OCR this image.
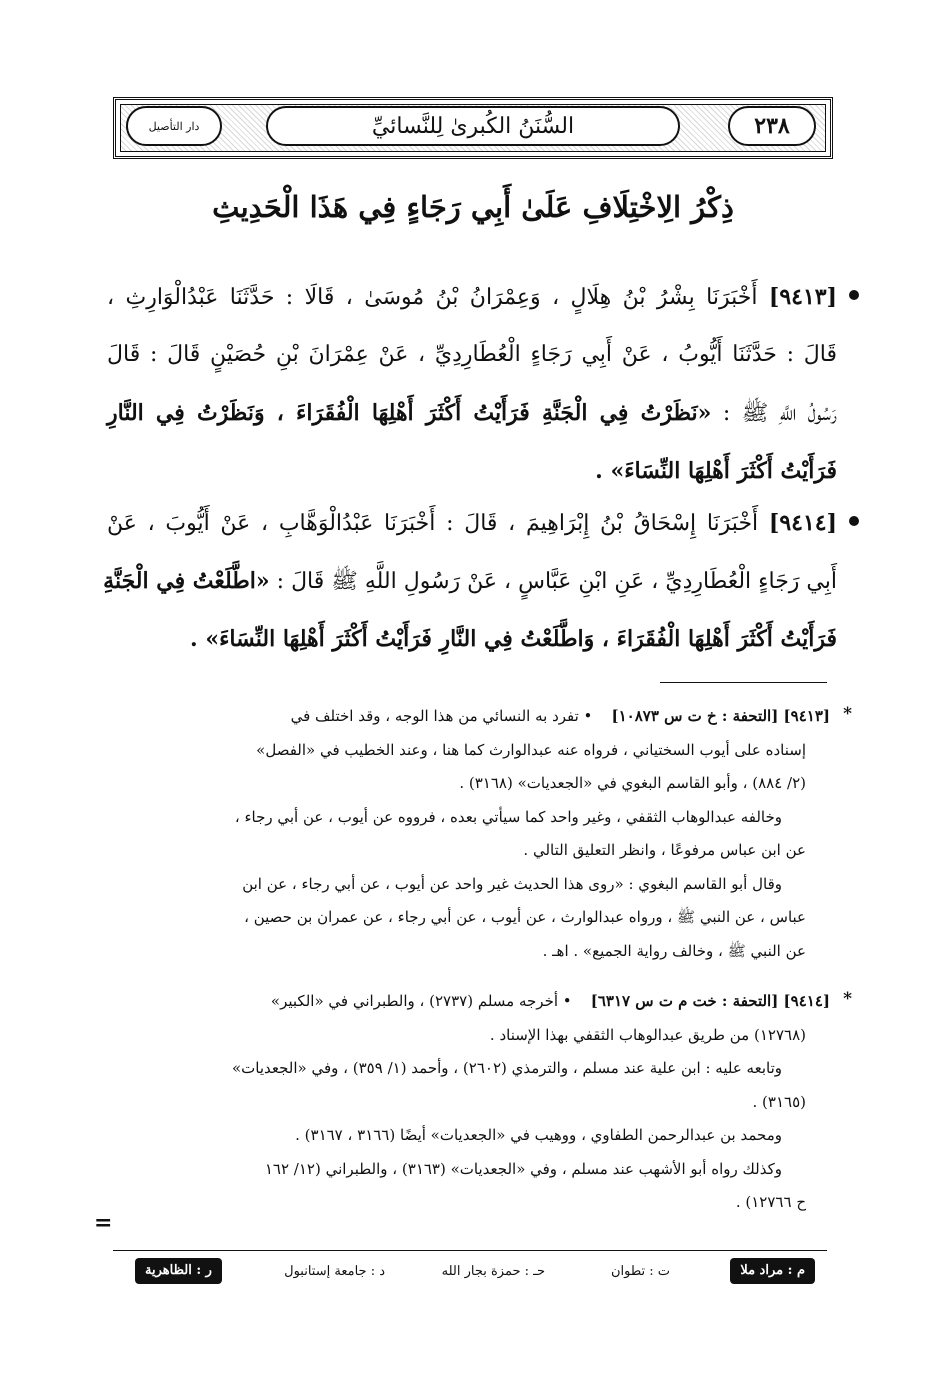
دار التأصيل	السُّنَنُ الكُبرىٰ لِلنَّسائيِّ	٢٣٨
ذِكْرُ الِاخْتِلَافِ عَلَىٰ أَبِي رَجَاءٍ فِي هَذَا الْحَدِيثِ
[٩٤١٣] أَخْبَرَنَا بِشْرُ بْنُ هِلَالٍ ، وَعِمْرَانُ بْنُ مُوسَىٰ ، قَالَا : حَدَّثَنَا عَبْدُالْوَارِثِ ،
قَالَ : حَدَّثَنَا أَيُّوبُ ، عَنْ أَبِي رَجَاءٍ الْعُطَارِدِيِّ ، عَنْ عِمْرَانَ بْنِ حُصَيْنٍ قَالَ : قَالَ
رَسُولُ اللَّهِ ﷺ : «نَظَرْتُ فِي الْجَنَّةِ فَرَأَيْتُ أَكْثَرَ أَهْلِهَا الْفُقَرَاءَ ، وَنَظَرْتُ فِي النَّارِ
فَرَأَيْتُ أَكْثَرَ أَهْلِهَا النِّسَاءَ» .
[٩٤١٤] أَخْبَرَنَا إِسْحَاقُ بْنُ إِبْرَاهِيمَ ، قَالَ : أَخْبَرَنَا عَبْدُالْوَهَّابِ ، عَنْ أَيُّوبَ ، عَنْ
أَبِي رَجَاءٍ الْعُطَارِدِيِّ ، عَنِ ابْنِ عَبَّاسٍ ، عَنْ رَسُولِ اللَّهِ ﷺ قَالَ : «اطَّلَعْتُ فِي الْجَنَّةِ
فَرَأَيْتُ أَكْثَرَ أَهْلِهَا الْفُقَرَاءَ ، وَاطَّلَعْتُ فِي النَّارِ فَرَأَيْتُ أَكْثَرَ أَهْلِهَا النِّسَاءَ» .
*
[٩٤١٣] [التحفة : خ ت س ١٠٨٧٣]    • تفرد به النسائي من هذا الوجه ، وقد اختلف في
إسناده على أيوب السختياني ، فرواه عنه عبدالوارث كما هنا ، وعند الخطيب في «الفصل»
(٢/ ٨٨٤) ، وأبو القاسم البغوي في «الجعديات» (٣١٦٨) .
وخالفه عبدالوهاب الثقفي ، وغير واحد كما سيأتي بعده ، فرووه عن أيوب ، عن أبي رجاء ،
عن ابن عباس مرفوعًا ، وانظر التعليق التالي .
وقال أبو القاسم البغوي : «روى هذا الحديث غير واحد عن أيوب ، عن أبي رجاء ، عن ابن
عباس ، عن النبي ﷺ ، ورواه عبدالوارث ، عن أيوب ، عن أبي رجاء ، عن عمران بن حصين ،
عن النبي ﷺ ، وخالف رواية الجميع» . اهـ .
*
[٩٤١٤] [التحفة : خت م ت س ٦٣١٧]    • أخرجه مسلم (٢٧٣٧) ، والطبراني في «الكبير»
(١٢٧٦٨) من طريق عبدالوهاب الثقفي بهذا الإسناد .
وتابعه عليه : ابن علية عند مسلم ، والترمذي (٢٦٠٢) ، وأحمد (١/ ٣٥٩) ، وفي «الجعديات»
(٣١٦٥) .
ومحمد بن عبدالرحمن الطفاوي ، ووهيب في «الجعديات» أيضًا (٣١٦٦ ، ٣١٦٧) .
وكذلك رواه أبو الأشهب عند مسلم ، وفي «الجعديات» (٣١٦٣) ، والطبراني (١٢/ ١٦٢
ح ١٢٧٦٦) .
=
م : مراد ملا
ت : تطوان
حـ : حمزة بجار الله
د : جامعة إستانبول
ر : الظاهرية
